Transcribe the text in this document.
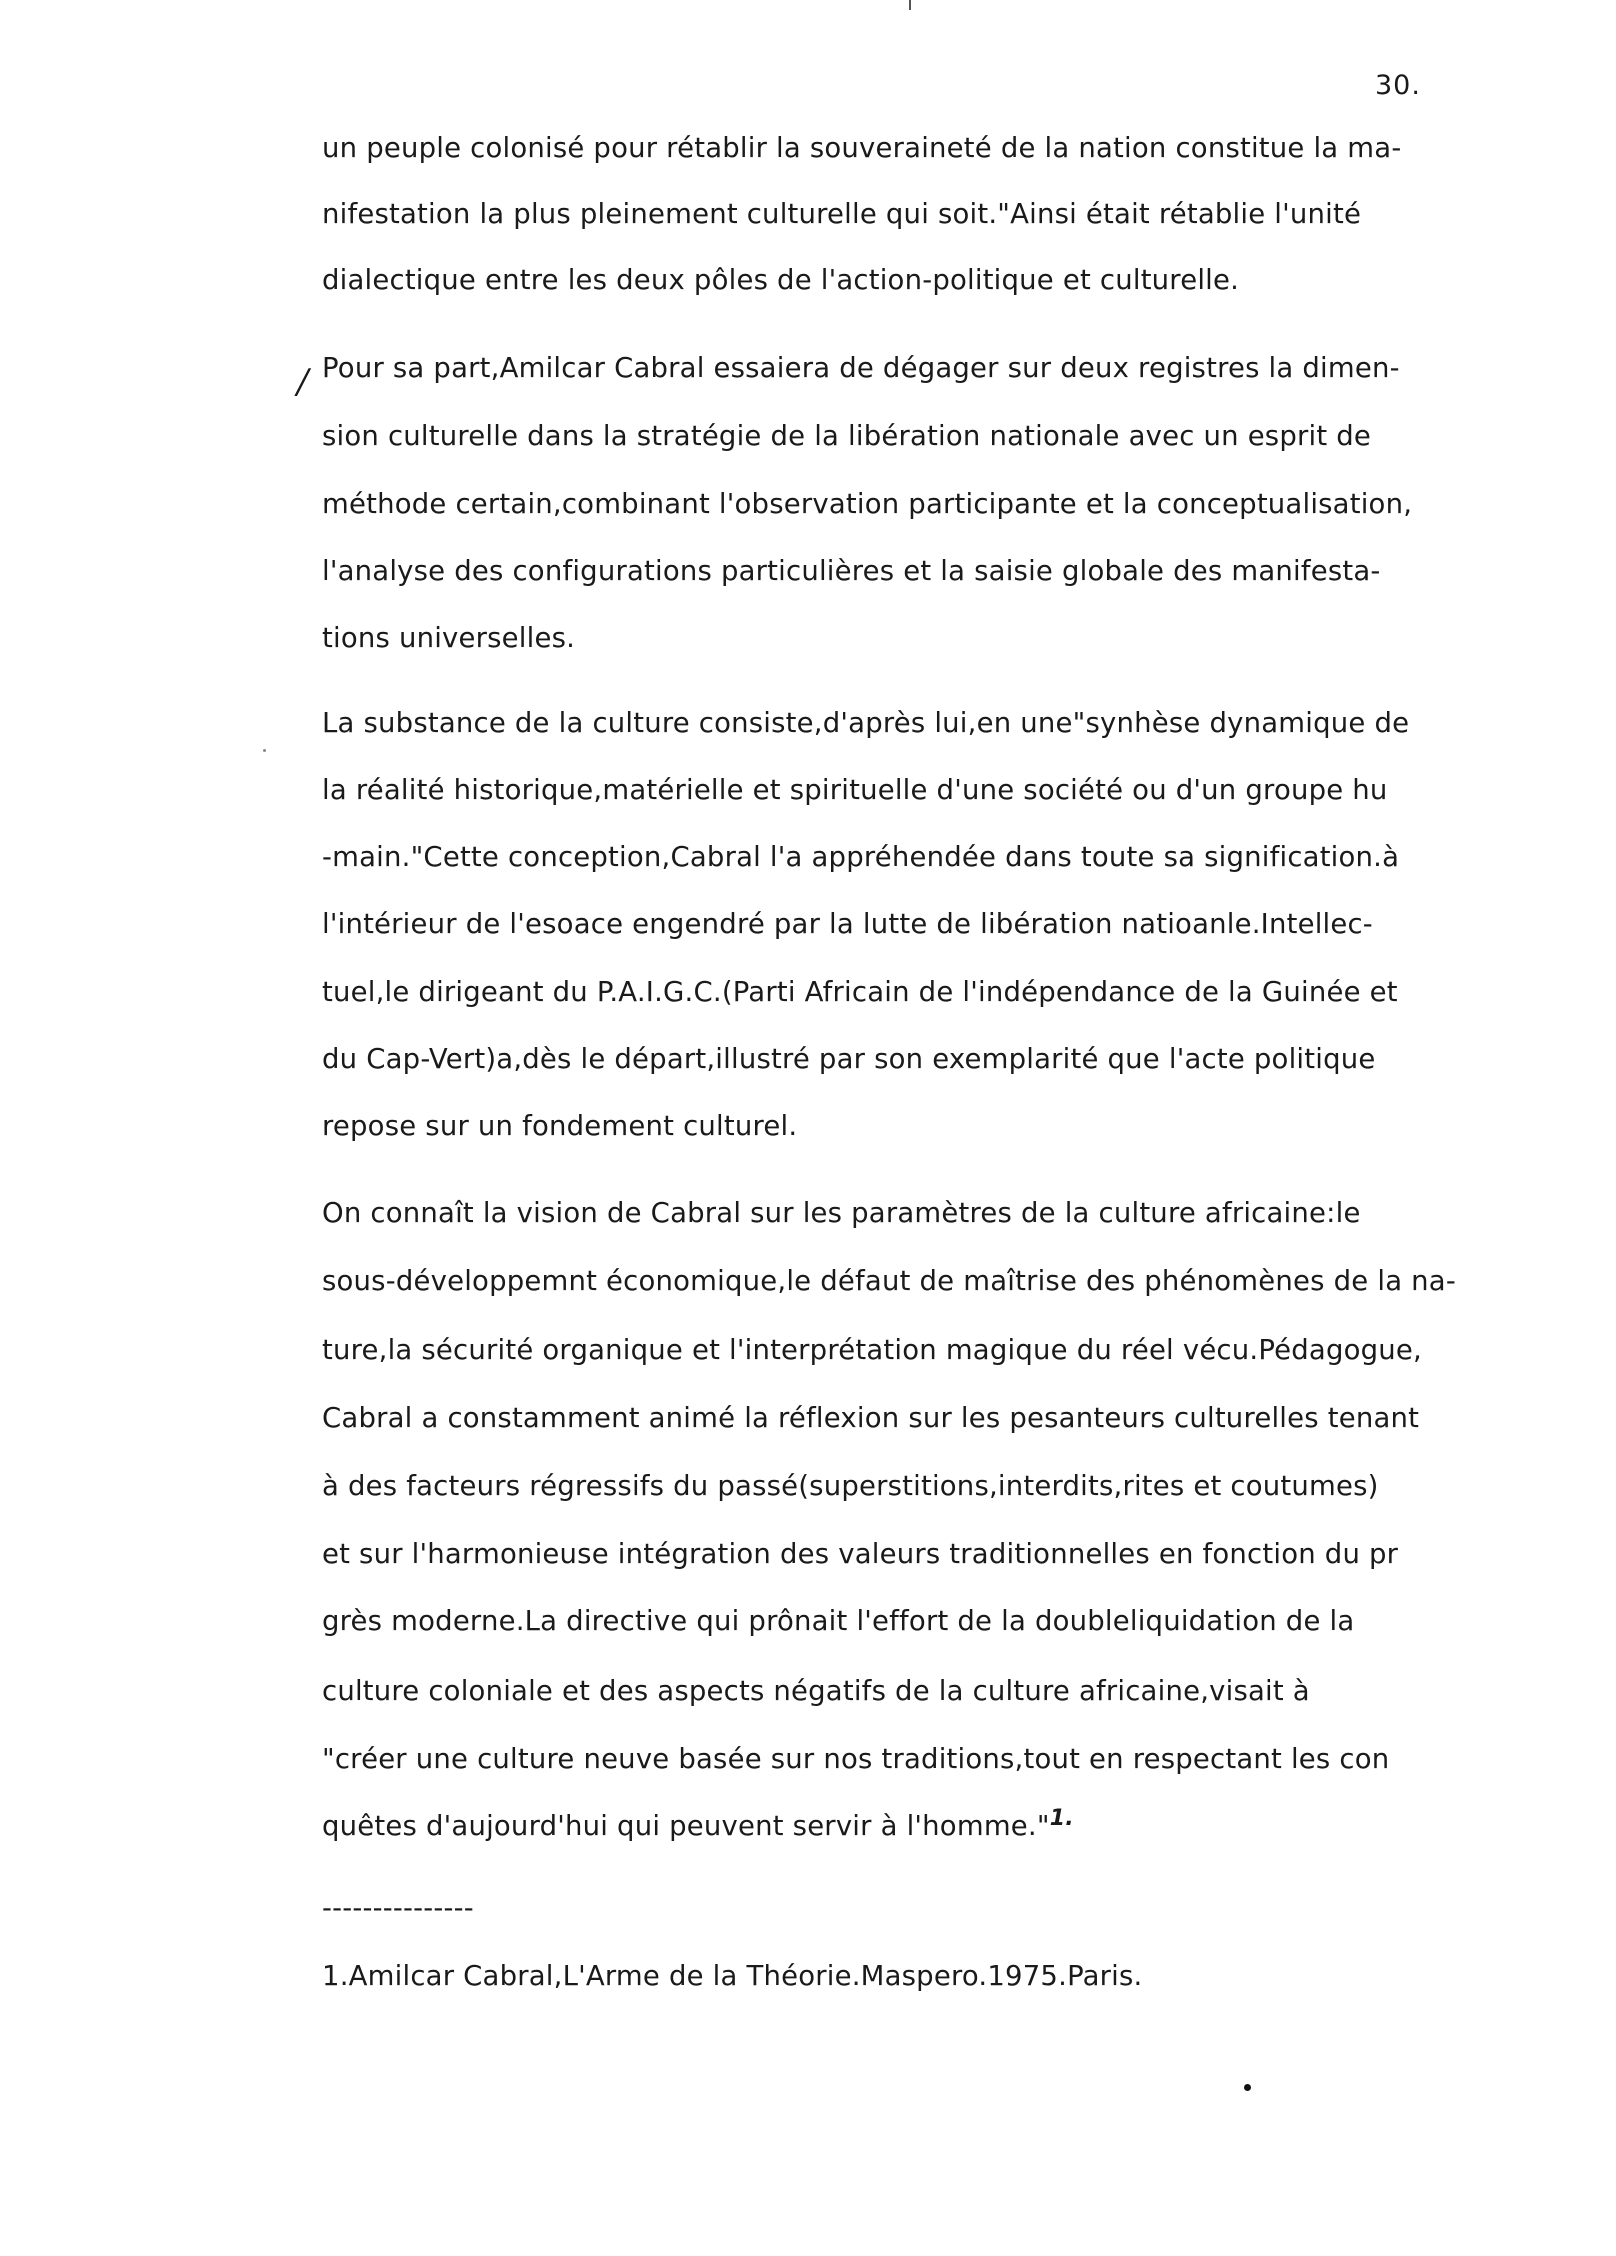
30.
/
un peuple colonisé pour rétablir la souveraineté de la nation constitue la ma-
nifestation la plus pleinement culturelle qui soit."Ainsi était rétablie l'unité
dialectique entre les deux pôles de l'action-politique et culturelle.
Pour sa part,Amilcar Cabral essaiera de dégager sur deux registres la dimen-
sion culturelle dans la stratégie de la libération nationale avec un esprit de
méthode certain,combinant l'observation participante et la conceptualisation,
l'analyse des configurations particulières et la saisie globale des manifesta-
tions universelles.
La substance de la culture consiste,d'après lui,en une"synhèse dynamique de
la réalité historique,matérielle et spirituelle d'une société ou d'un groupe hu
-main."Cette conception,Cabral l'a appréhendée dans toute sa signification.à
l'intérieur de l'esoace engendré par la lutte de libération natioanle.Intellec-
tuel,le dirigeant du P.A.I.G.C.(Parti Africain de l'indépendance de la Guinée et
du Cap-Vert)a,dès le départ,illustré par son exemplarité que l'acte politique
repose sur un fondement culturel.
On connaît la vision de Cabral sur les paramètres de la culture africaine:le
sous-développemnt économique,le défaut de maîtrise des phénomènes de la na-
ture,la sécurité organique et l'interprétation magique du réel vécu.Pédagogue,
Cabral a constamment animé la réflexion sur les pesanteurs culturelles tenant
à des facteurs régressifs du passé(superstitions,interdits,rites et coutumes)
et sur l'harmonieuse intégration des valeurs traditionnelles en fonction du pr
grès moderne.La directive qui prônait l'effort de la doubleliquidation de la
culture coloniale et des aspects négatifs de la culture africaine,visait à
"créer une culture neuve basée sur nos traditions,tout en respectant les con
quêtes d'aujourd'hui qui peuvent servir à l'homme."$^{1.}$
---------------
1.Amilcar Cabral,L'Arme de la Théorie.Maspero.1975.Paris.
